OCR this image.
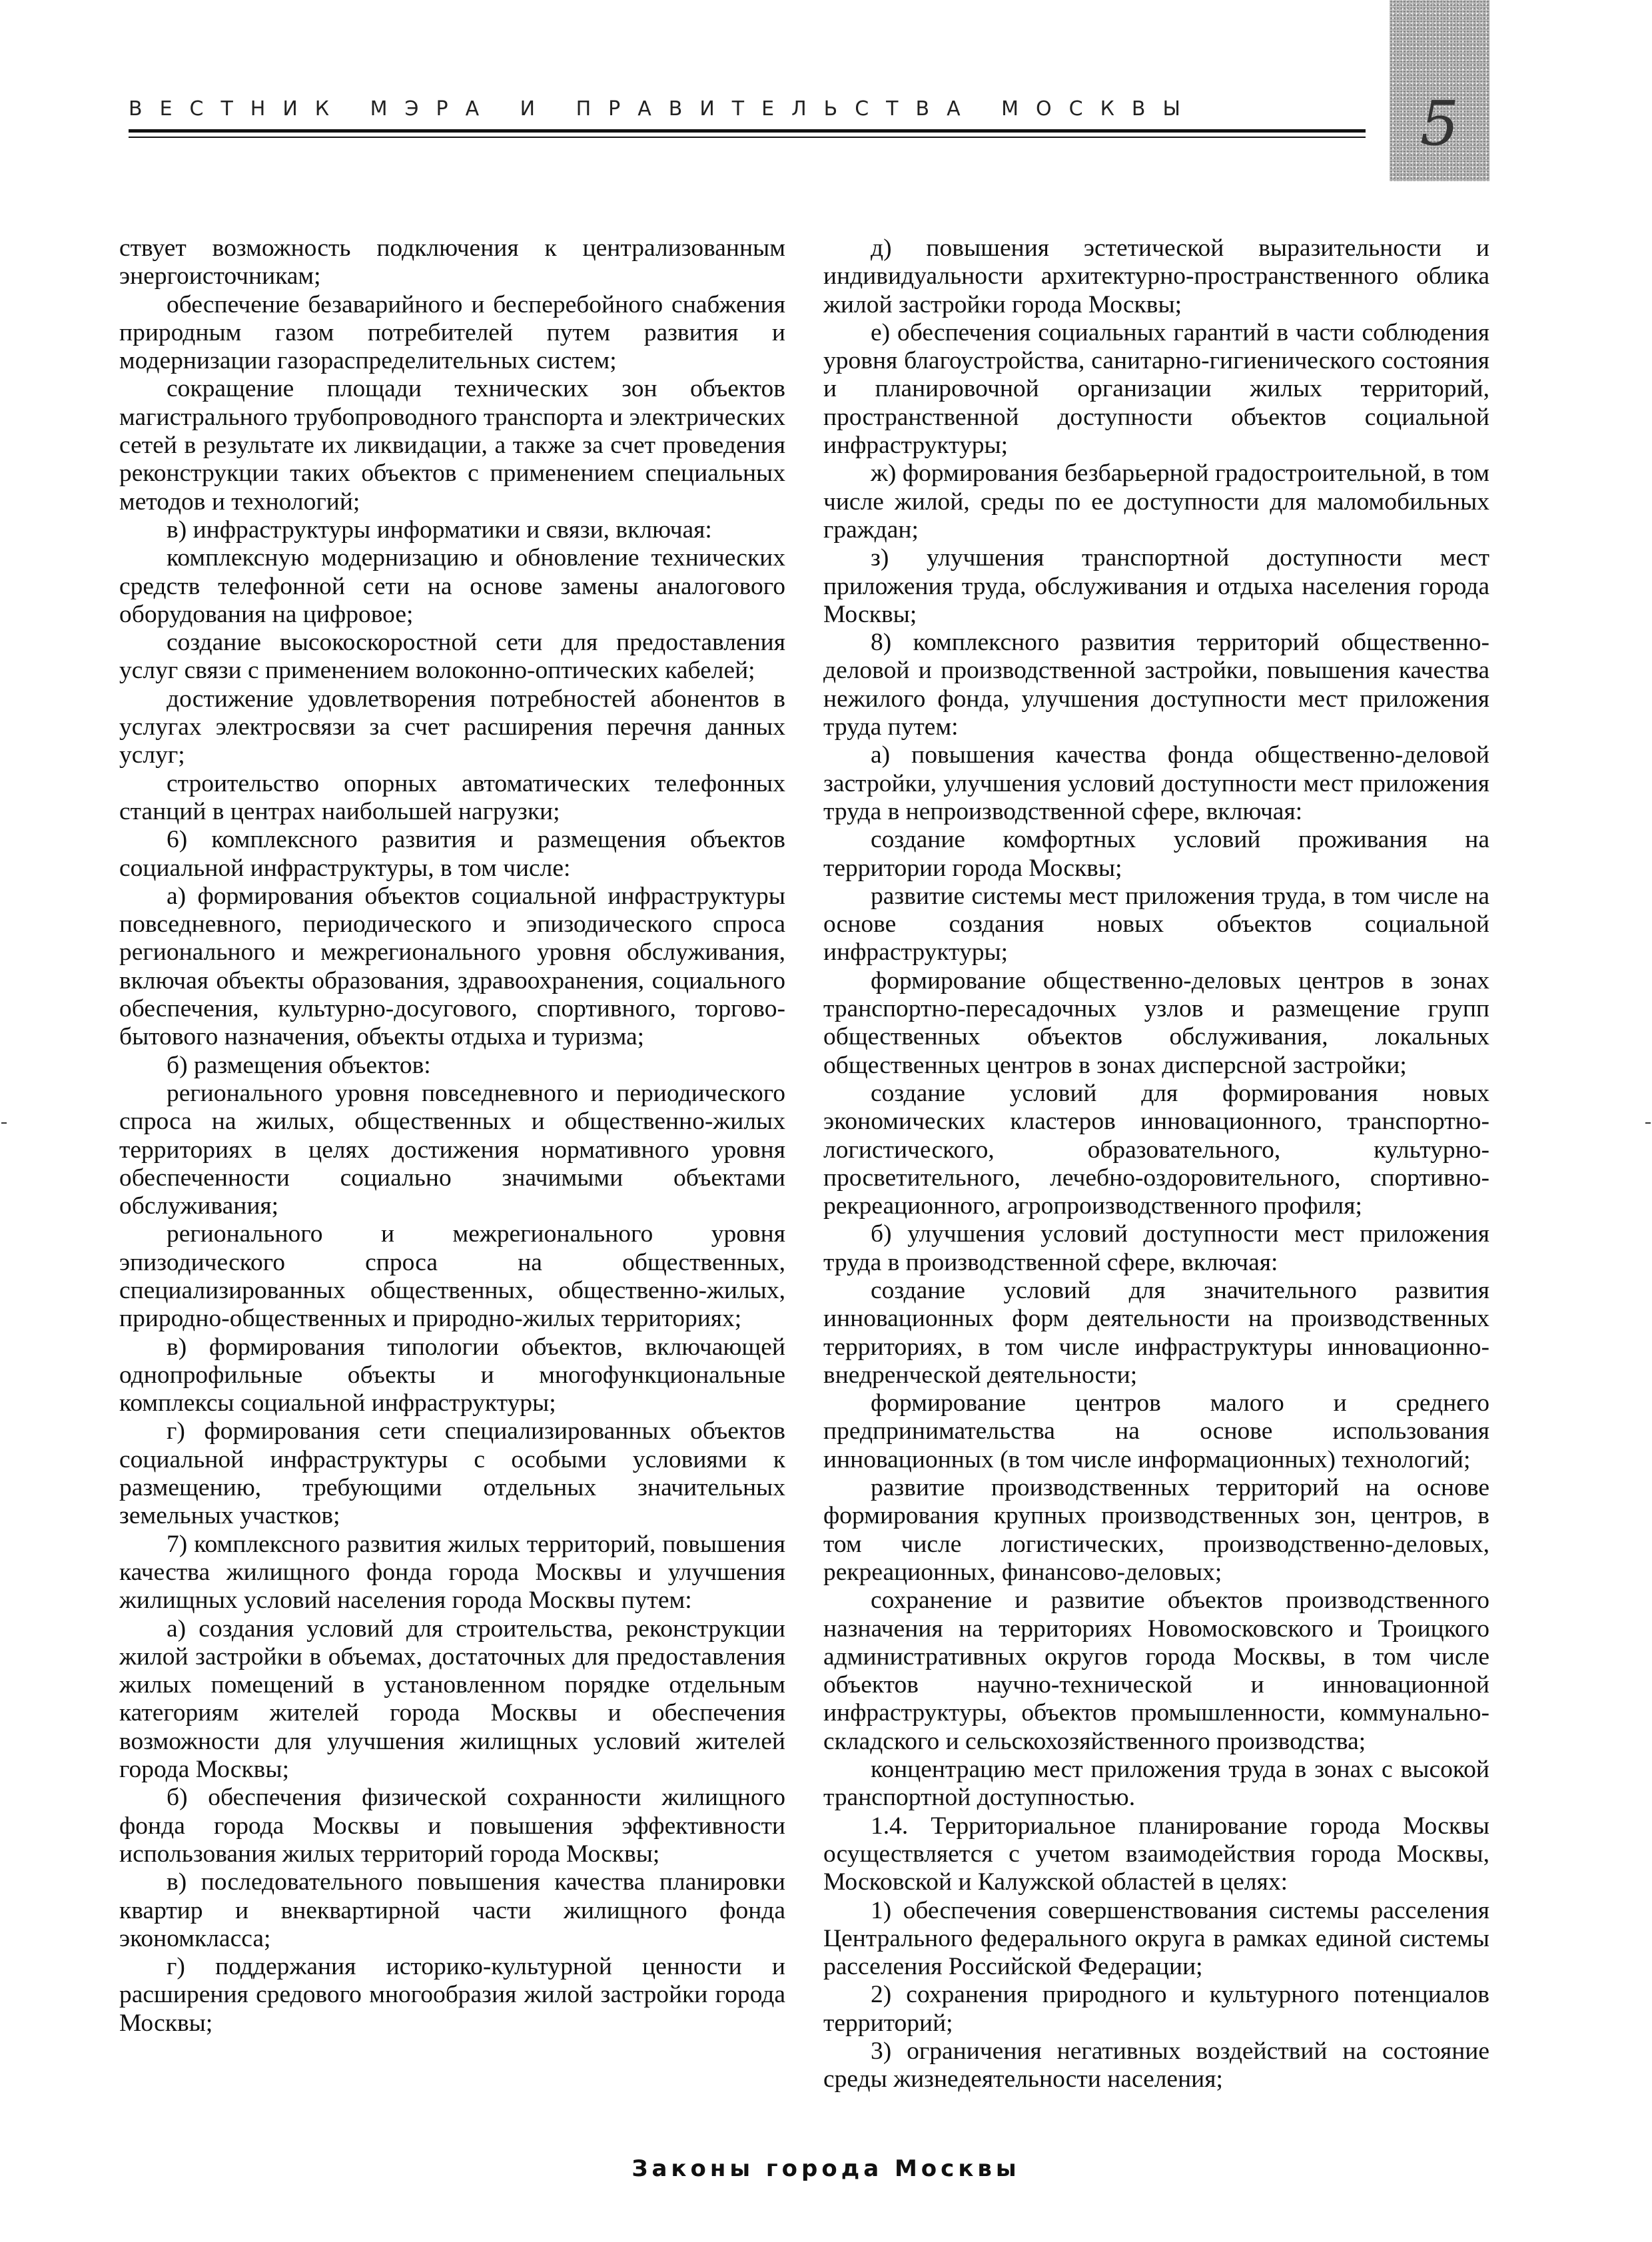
ВЕСТНИК МЭРА И ПРАВИТЕЛЬСТВА МОСКВЫ	5

ствует возможность подключения к централизованным энергоисточникам;

обеспечение безаварийного и бесперебойного снабжения природным газом потребителей путем развития и модернизации газораспределительных систем;

сокращение площади технических зон объектов магистрального трубопроводного транспорта и электрических сетей в результате их ликвидации, а также за счет проведения реконструкции таких объектов с применением специальных методов и технологий;

в) инфраструктуры информатики и связи, включая:

комплексную модернизацию и обновление технических средств телефонной сети на основе замены аналогового оборудования на цифровое;

создание высокоскоростной сети для предоставления услуг связи с применением волоконно-оптических кабелей;

достижение удовлетворения потребностей абонентов в услугах электросвязи за счет расширения перечня данных услуг;

строительство опорных автоматических телефонных станций в центрах наибольшей нагрузки;

6) комплексного развития и размещения объектов социальной инфраструктуры, в том числе:

а) формирования объектов социальной инфраструктуры повседневного, периодического и эпизодического спроса регионального и межрегионального уровня обслуживания, включая объекты образования, здравоохранения, социального обеспечения, культурно-досугового, спортивного, торгово-бытового назначения, объекты отдыха и туризма;

б) размещения объектов:

регионального уровня повседневного и периодического спроса на жилых, общественных и общественно-жилых территориях в целях достижения нормативного уровня обеспеченности социально значимыми объектами обслуживания;

регионального и межрегионального уровня эпизодического спроса на общественных, специализированных общественных, общественно-жилых, природно-общественных и природно-жилых территориях;

в) формирования типологии объектов, включающей однопрофильные объекты и многофункциональные комплексы социальной инфраструктуры;

г) формирования сети специализированных объектов социальной инфраструктуры с особыми условиями к размещению, требующими отдельных значительных земельных участков;

7) комплексного развития жилых территорий, повышения качества жилищного фонда города Москвы и улучшения жилищных условий населения города Москвы путем:

а) создания условий для строительства, реконструкции жилой застройки в объемах, достаточных для предоставления жилых помещений в установленном порядке отдельным категориям жителей города Москвы и обеспечения возможности для улучшения жилищных условий жителей города Москвы;

б) обеспечения физической сохранности жилищного фонда города Москвы и повышения эффективности использования жилых территорий города Москвы;

в) последовательного повышения качества планировки квартир и внеквартирной части жилищного фонда экономкласса;

г) поддержания историко-культурной ценности и расширения средового многообразия жилой застройки города Москвы;

д) повышения эстетической выразительности и индивидуальности архитектурно-пространственного облика жилой застройки города Москвы;

е) обеспечения социальных гарантий в части соблюдения уровня благоустройства, санитарно-гигиенического состояния и планировочной организации жилых территорий, пространственной доступности объектов социальной инфраструктуры;

ж) формирования безбарьерной градостроительной, в том числе жилой, среды по ее доступности для маломобильных граждан;

з) улучшения транспортной доступности мест приложения труда, обслуживания и отдыха населения города Москвы;

8) комплексного развития территорий общественно-деловой и производственной застройки, повышения качества нежилого фонда, улучшения доступности мест приложения труда путем:

а) повышения качества фонда общественно-деловой застройки, улучшения условий доступности мест приложения труда в непроизводственной сфере, включая:

создание комфортных условий проживания на территории города Москвы;

развитие системы мест приложения труда, в том числе на основе создания новых объектов социальной инфраструктуры;

формирование общественно-деловых центров в зонах транспортно-пересадочных узлов и размещение групп общественных объектов обслуживания, локальных общественных центров в зонах дисперсной застройки;

создание условий для формирования новых экономических кластеров инновационного, транспортно-логистического, образовательного, культурно-просветительного, лечебно-оздоровительного, спортивно-рекреационного, агропроизводственного профиля;

б) улучшения условий доступности мест приложения труда в производственной сфере, включая:

создание условий для значительного развития инновационных форм деятельности на производственных территориях, в том числе инфраструктуры инновационно-внедренческой деятельности;

формирование центров малого и среднего предпринимательства на основе использования инновационных (в том числе информационных) технологий;

развитие производственных территорий на основе формирования крупных производственных зон, центров, в том числе логистических, производственно-деловых, рекреационных, финансово-деловых;

сохранение и развитие объектов производственного назначения на территориях Новомосковского и Троицкого административных округов города Москвы, в том числе объектов научно-технической и инновационной инфраструктуры, объектов промышленности, коммунально-складского и сельскохозяйственного производства;

концентрацию мест приложения труда в зонах с высокой транспортной доступностью.

1.4. Территориальное планирование города Москвы осуществляется с учетом взаимодействия города Москвы, Московской и Калужской областей в целях:

1) обеспечения совершенствования системы расселения Центрального федерального округа в рамках единой системы расселения Российской Федерации;

2) сохранения природного и культурного потенциалов территорий;

3) ограничения негативных воздействий на состояние среды жизнедеятельности населения;

Законы города Москвы
